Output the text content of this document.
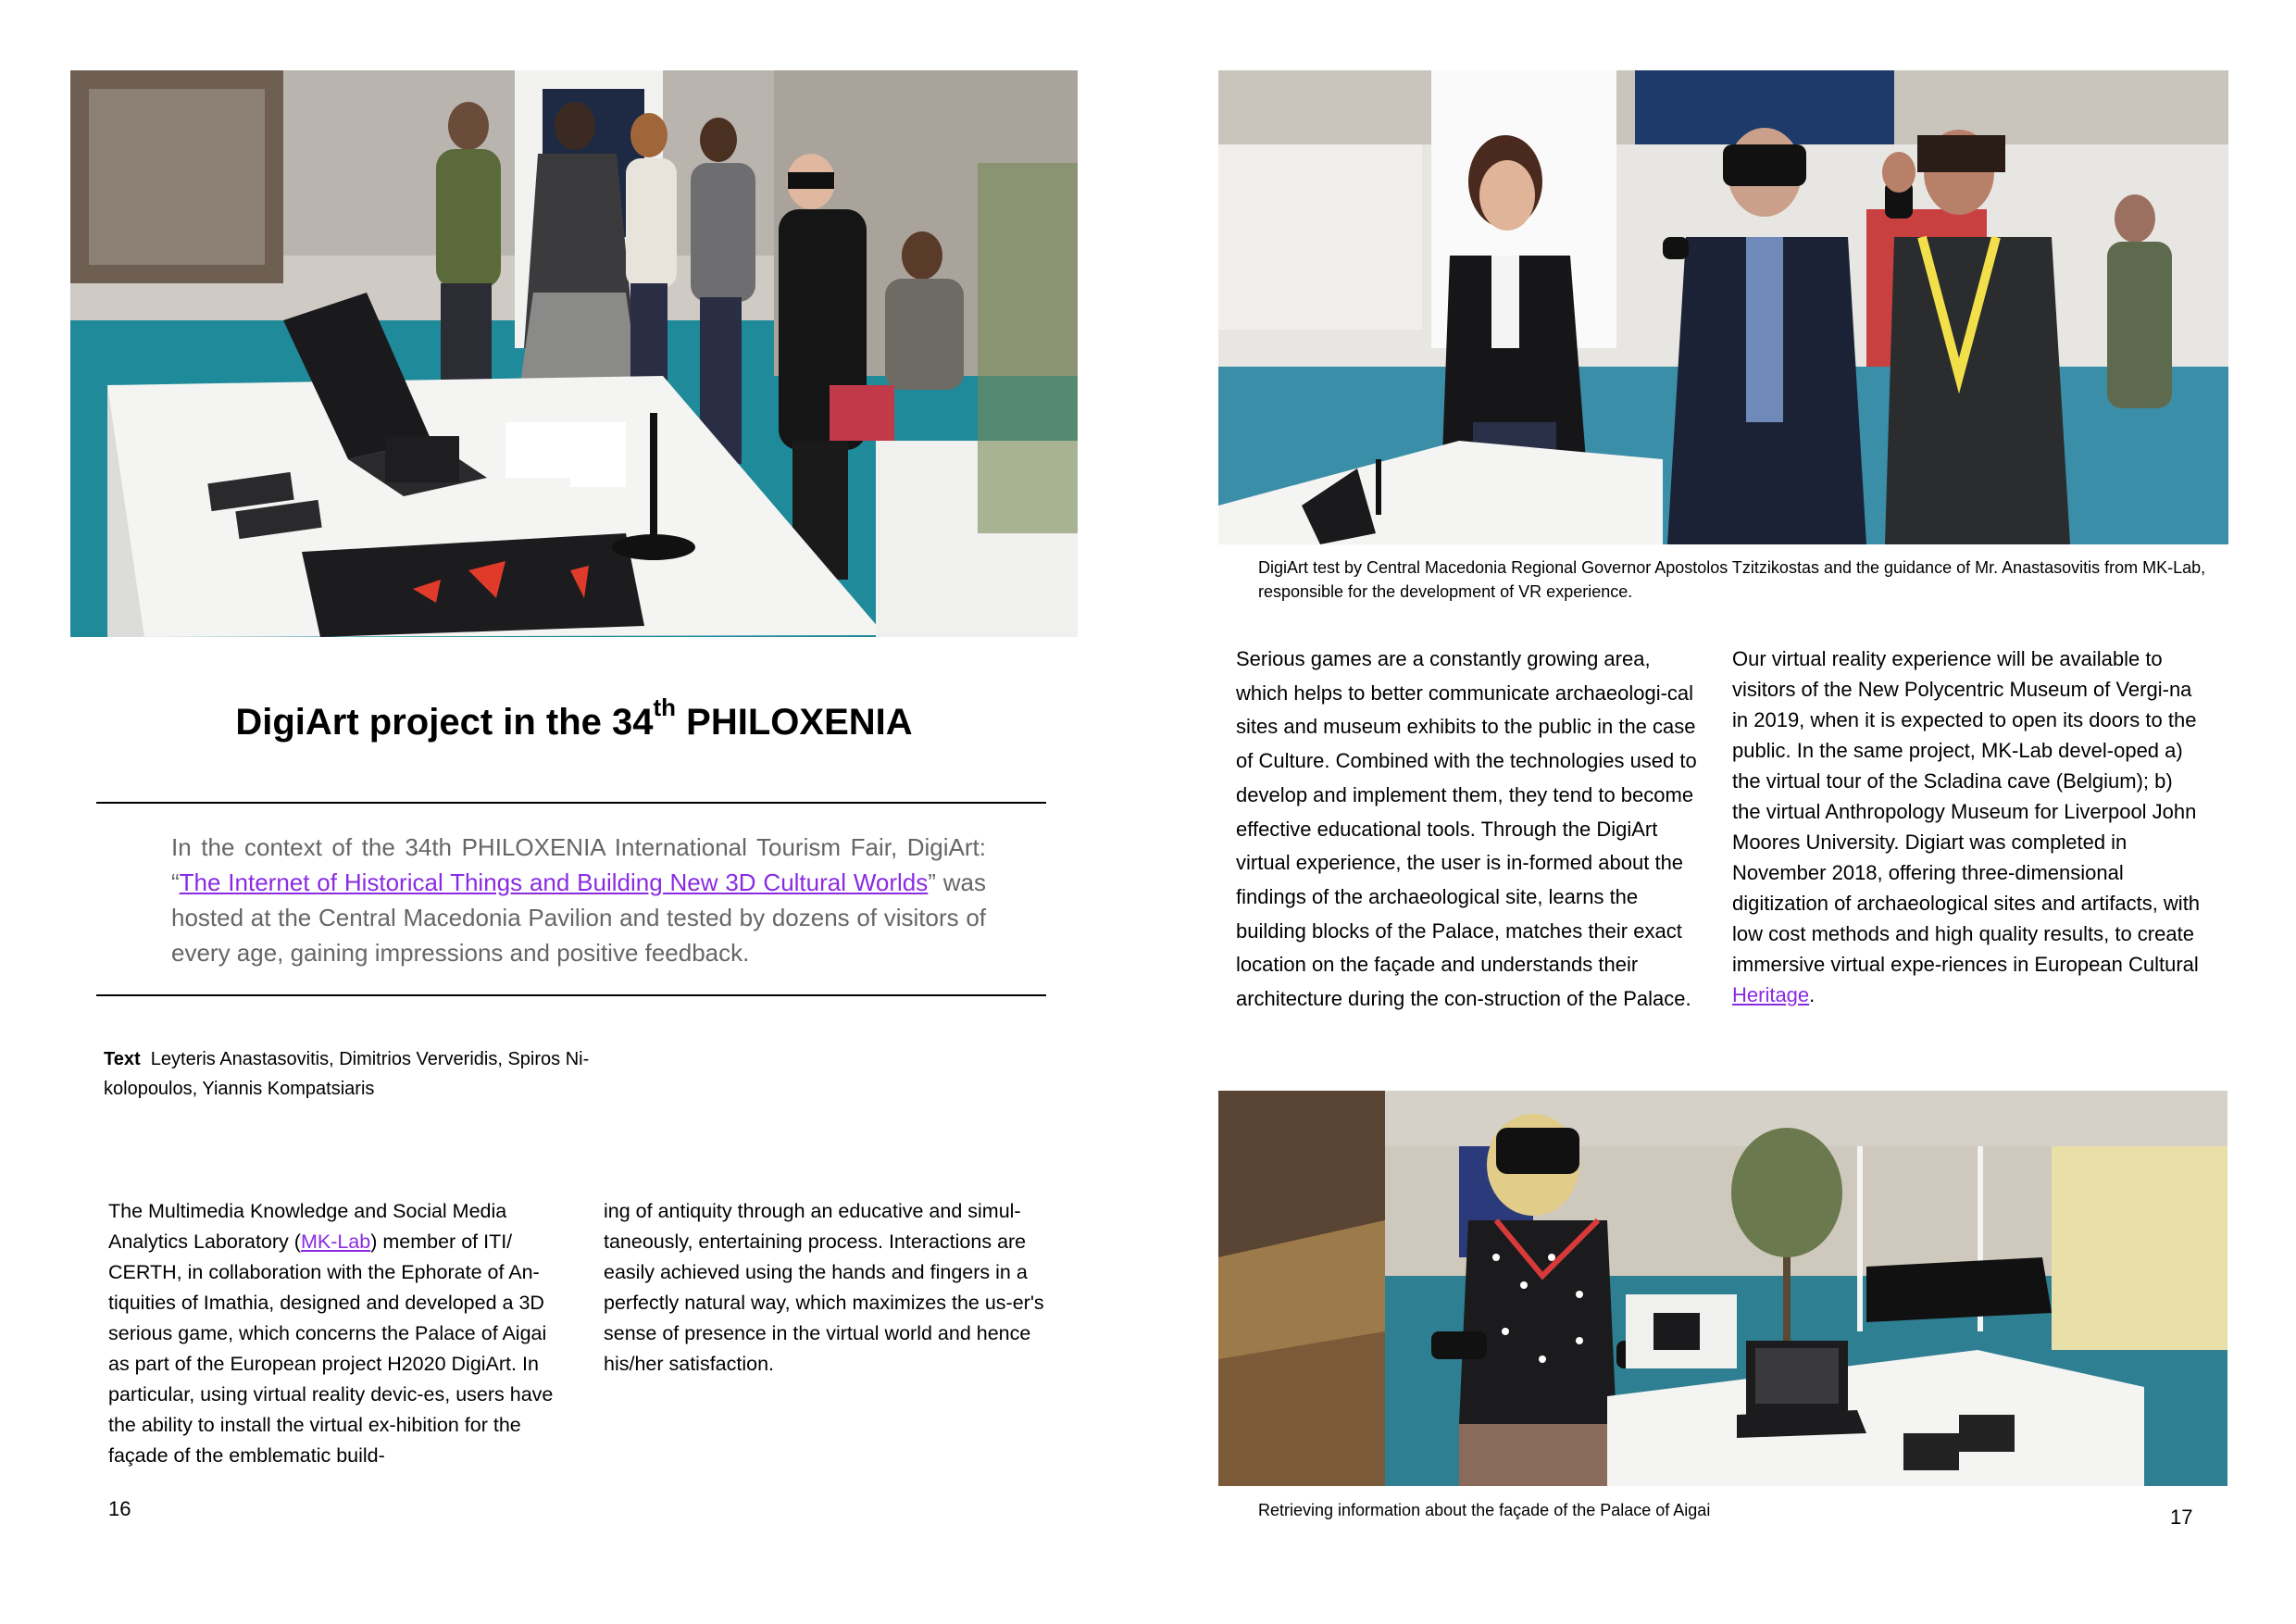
DigiArt project in the 34th PHILOXENIA
In the context of the 34th PHILOXENIA International Tourism Fair, DigiArt: “The Internet of Historical Things and Building New 3D Cultural Worlds” was hosted at the Central Macedonia Pavilion and tested by dozens of visitors of every age, gaining impressions and positive feedback.
Text Leyteris Anastasovitis, Dimitrios Ververidis, Spiros Ni-kolopoulos, Yiannis Kompatsiaris
The Multimedia Knowledge and Social Media Analytics Laboratory (MK-Lab) member of ITI/ CERTH, in collaboration with the Ephorate of An-tiquities of Imathia, designed and developed a 3D serious game, which concerns the Palace of Aigai as part of the European project H2020 DigiArt. In particular, using virtual reality devic-es, users have the ability to install the virtual ex-hibition for the façade of the emblematic build-
ing of antiquity through an educative and simul-taneously, entertaining process. Interactions are easily achieved using the hands and fingers in a perfectly natural way, which maximizes the us-er's sense of presence in the virtual world and hence his/her satisfaction.
16
DigiArt test by Central Macedonia Regional Governor Apostolos Tzitzikostas and the guidance of Mr. Anastasovitis from MK-Lab, responsible for the development of VR experience.
Serious games are a constantly growing area, which helps to better communicate archaeologi-cal sites and museum exhibits to the public in the case of Culture. Combined with the technologies used to develop and implement them, they tend to become effective educational tools. Through the DigiArt virtual experience, the user is in-formed about the findings of the archaeological site, learns the building blocks of the Palace, matches their exact location on the façade and understands their architecture during the con-struction of the Palace.
Our virtual reality experience will be available to visitors of the New Polycentric Museum of Vergi-na in 2019, when it is expected to open its doors to the public. In the same project, MK-Lab devel-oped a) the virtual tour of the Scladina cave (Belgium); b) the virtual Anthropology Museum for Liverpool John Moores University. Digiart was completed in November 2018, offering three-dimensional digitization of archaeological sites and artifacts, with low cost methods and high quality results, to create immersive virtual expe-riences in European Cultural Heritage.
Retrieving information about the façade of the Palace of Aigai	17
